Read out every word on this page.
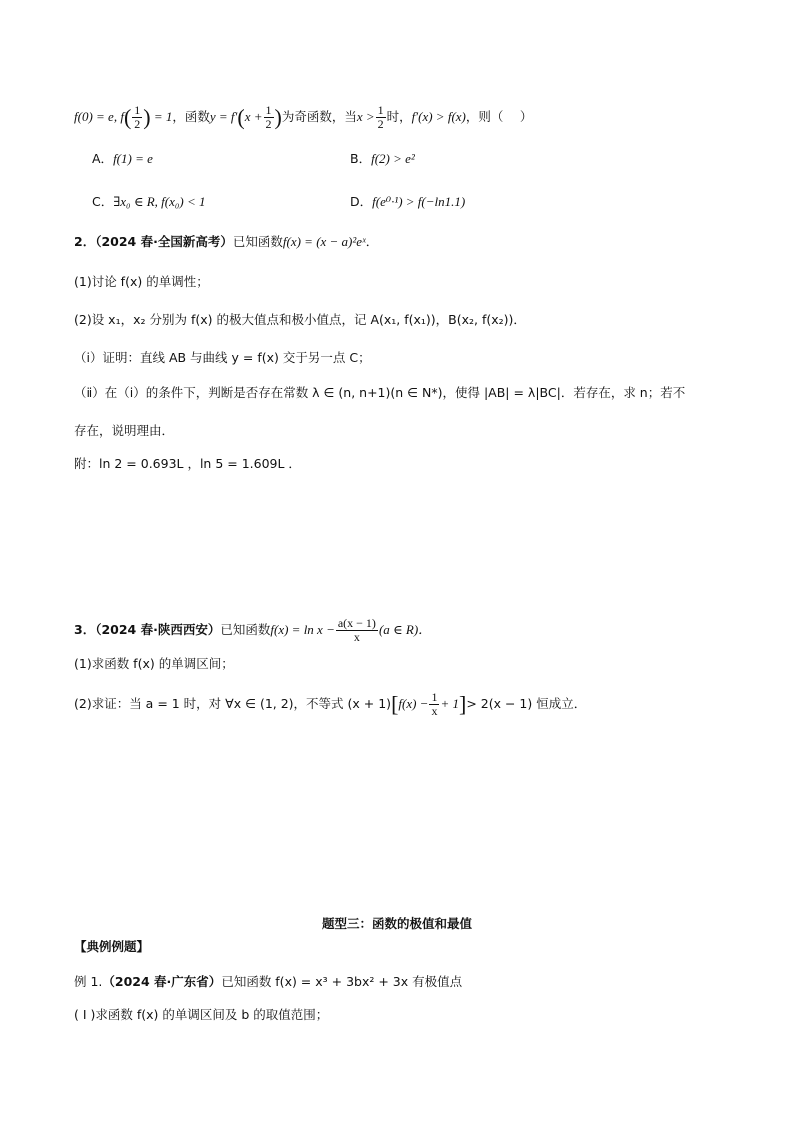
f(0) = e, $f( \frac{1}{2}$ ) = 1，函数$y = f'(x + \frac{1}{2}$ )为奇函数，当$x > \frac{1}{2}$ 时，f′(x) > f(x)，则（　 ）
A．f(1) = e	B．f(2) > e²
C．∃x₀ ∈ R, f(x₀) < 1	D．f(e⁰·¹) > f(−ln1.1)
2．（2024 春·全国新高考）已知函数f(x) = (x − a)²eˣ．
(1)讨论 f(x) 的单调性；
(2)设 x₁，x₂ 分别为 f(x) 的极大值点和极小值点，记 A(x₁, f(x₁))，B(x₂, f(x₂))．
（ⅰ）证明：直线 AB 与曲线 y = f(x) 交于另一点 C；
（ⅱ）在（i）的条件下，判断是否存在常数 λ ∈ (n, n+1)(n ∈ N*)，使得 |AB| = λ|BC|．若存在，求 n；若不
存在，说明理由．
附：ln 2 = 0.693L ，ln 5 = 1.609L ．
3．（2024 春·陕西西安）已知函数$f(x) = \ln x - \frac{a(x - 1)}{x} (a$ ∈ R)．
(1)求函数 f(x) 的单调区间；
(2)求证：当 a = 1 时，对 ∀x ∈ (1, 2)，不等式 $(x + 1)[f(x) - \frac{1}{x} + 1]> 2(x - 1)$ 恒成立．
题型三：函数的极值和最值
【典例例题】
例 1.（2024 春·广东省）已知函数 f(x) = x³ + 3bx² + 3x 有极值点
( I )求函数 f(x) 的单调区间及 b 的取值范围；
